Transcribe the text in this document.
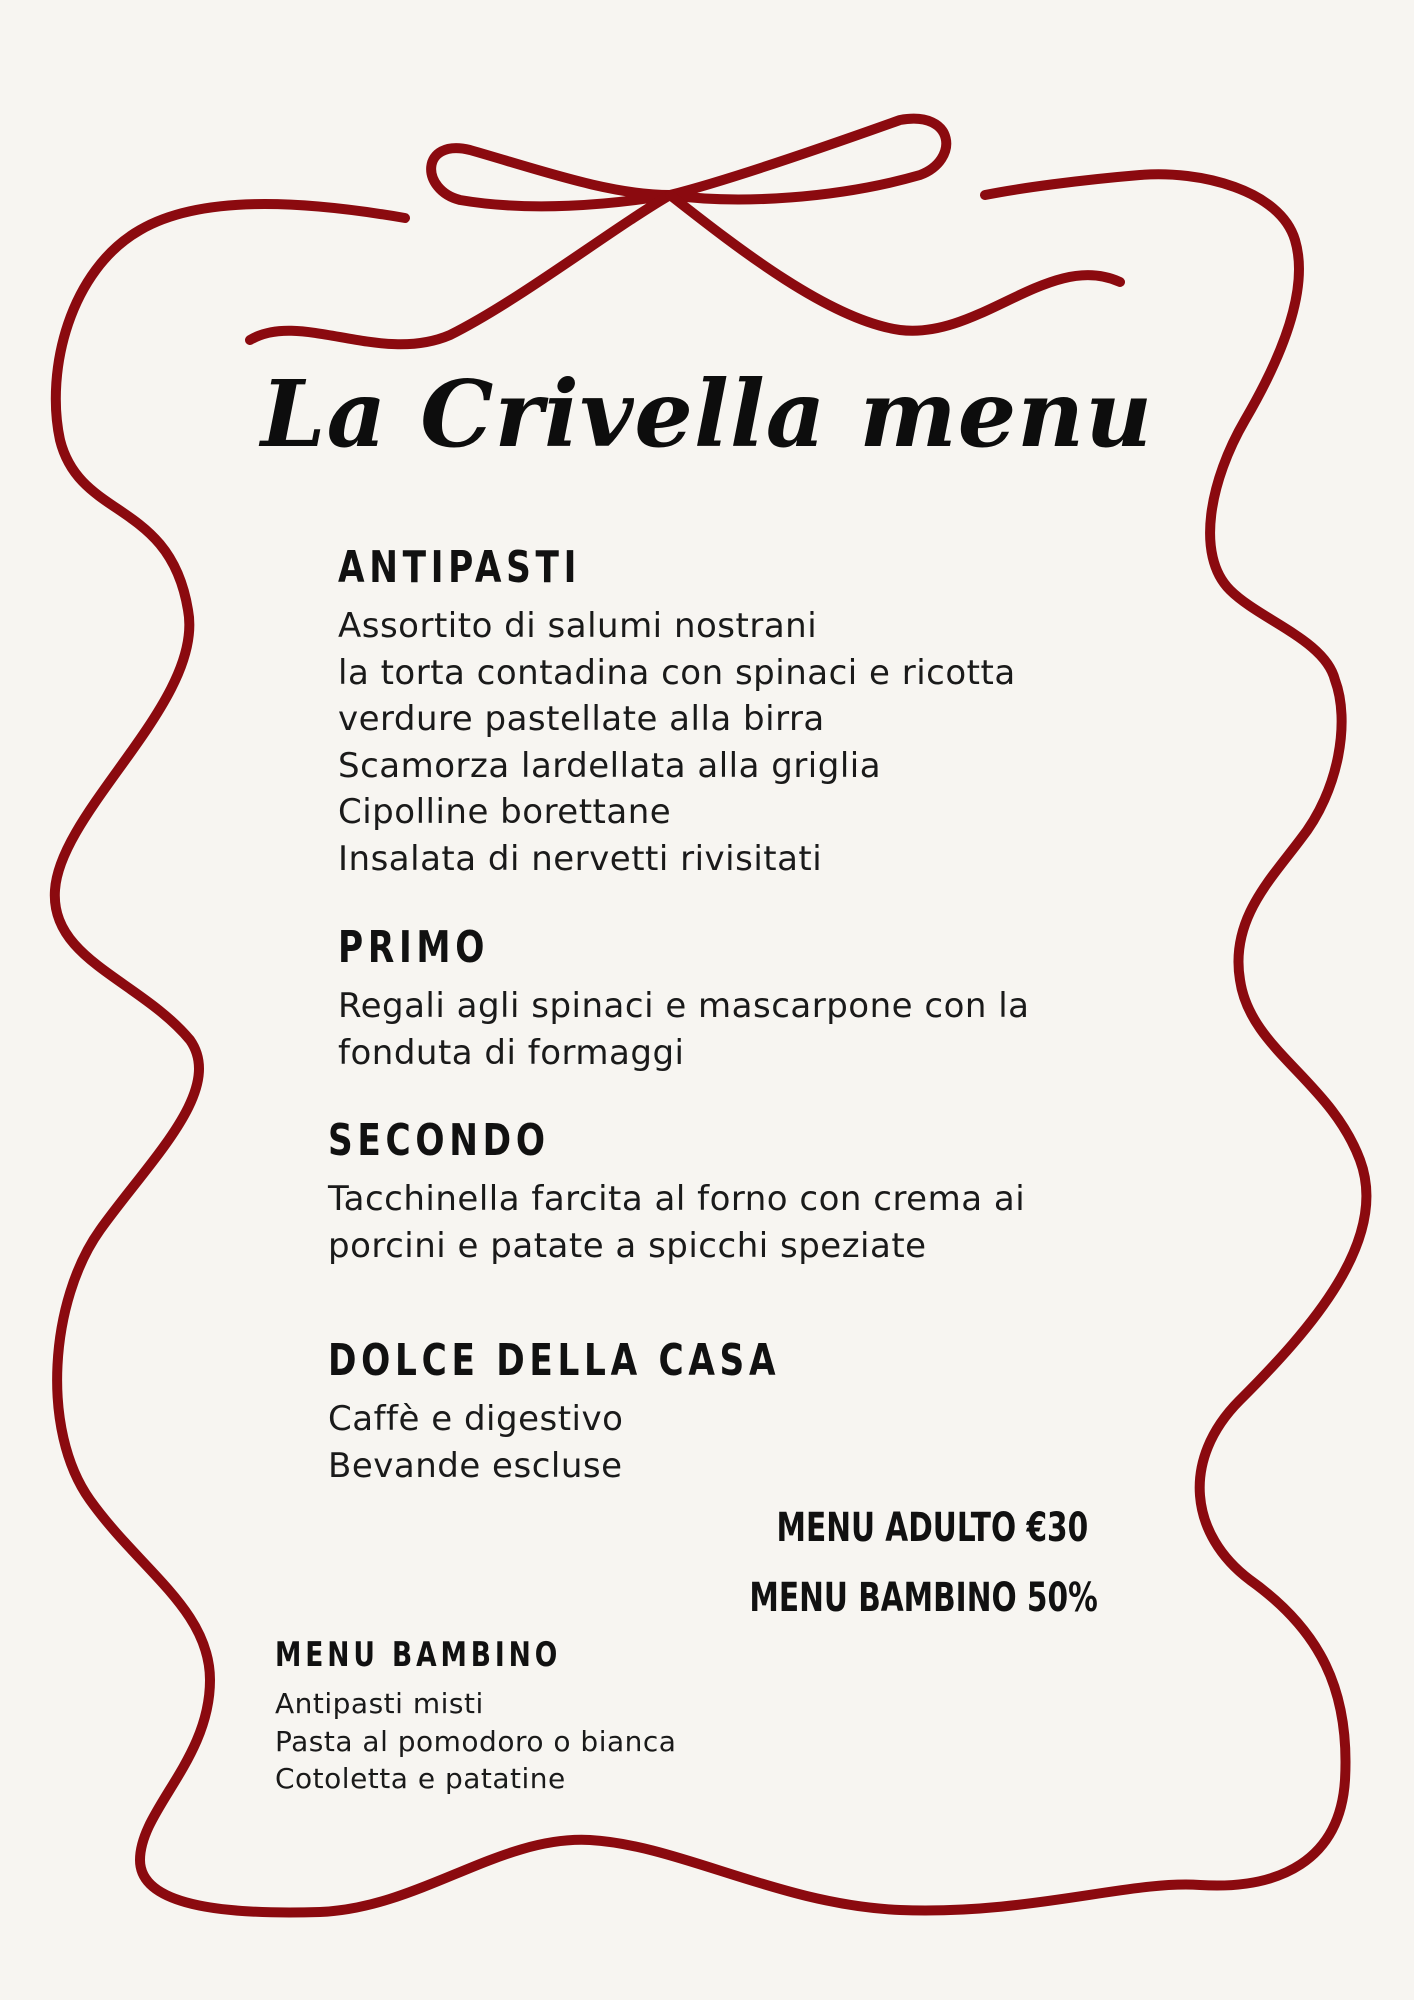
La Crivella menu
ANTIPASTI
Assortito di salumi nostrani
la torta contadina con spinaci e ricotta
verdure pastellate alla birra
Scamorza lardellata alla griglia
Cipolline borettane
Insalata di nervetti rivisitati
PRIMO
Regali agli spinaci e mascarpone con la
fonduta di formaggi
SECONDO
Tacchinella farcita al forno con crema ai
porcini e patate a spicchi speziate
DOLCE DELLA CASA
Caffè e digestivo
Bevande escluse
MENU ADULTO €30
MENU BAMBINO 50%
MENU BAMBINO
Antipasti misti
Pasta al pomodoro o bianca
Cotoletta e patatine
